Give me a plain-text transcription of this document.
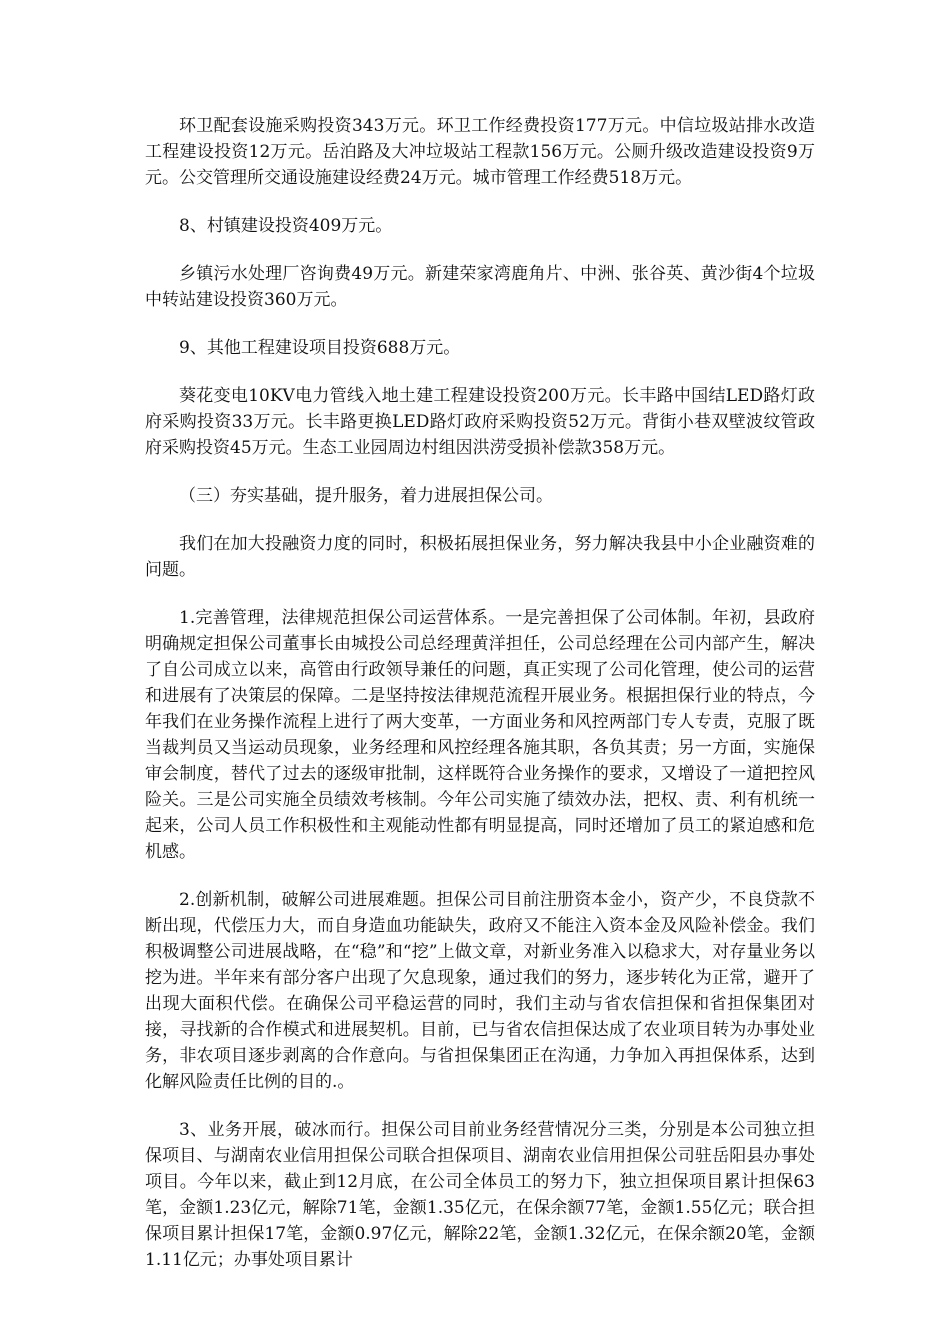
环卫配套设施采购投资343万元。环卫工作经费投资177万元。中信垃圾站排水改造工程建设投资12万元。岳泊路及大冲垃圾站工程款156万元。公厕升级改造建设投资9万元。公交管理所交通设施建设经费24万元。城市管理工作经费518万元。

8、村镇建设投资409万元。

乡镇污水处理厂咨询费49万元。新建荣家湾鹿角片、中洲、张谷英、黄沙街4个垃圾中转站建设投资360万元。

9、其他工程建设项目投资688万元。

葵花变电10KV电力管线入地土建工程建设投资200万元。长丰路中国结LED路灯政府采购投资33万元。长丰路更换LED路灯政府采购投资52万元。背街小巷双壁波纹管政府采购投资45万元。生态工业园周边村组因洪涝受损补偿款358万元。

（三）夯实基础，提升服务，着力进展担保公司。

我们在加大投融资力度的同时，积极拓展担保业务，努力解决我县中小企业融资难的问题。

1.完善管理，法律规范担保公司运营体系。一是完善担保了公司体制。年初，县政府明确规定担保公司董事长由城投公司总经理黄洋担任，公司总经理在公司内部产生，解决了自公司成立以来，高管由行政领导兼任的问题，真正实现了公司化管理，使公司的运营和进展有了决策层的保障。二是坚持按法律规范流程开展业务。根据担保行业的特点，今年我们在业务操作流程上进行了两大变革，一方面业务和风控两部门专人专责，克服了既当裁判员又当运动员现象，业务经理和风控经理各施其职，各负其责；另一方面，实施保审会制度，替代了过去的逐级审批制，这样既符合业务操作的要求，又增设了一道把控风险关。三是公司实施全员绩效考核制。今年公司实施了绩效办法，把权、责、利有机统一起来，公司人员工作积极性和主观能动性都有明显提高，同时还增加了员工的紧迫感和危机感。

2.创新机制，破解公司进展难题。担保公司目前注册资本金小，资产少，不良贷款不断出现，代偿压力大，而自身造血功能缺失，政府又不能注入资本金及风险补偿金。我们积极调整公司进展战略，在“稳”和“挖”上做文章，对新业务准入以稳求大，对存量业务以挖为进。半年来有部分客户出现了欠息现象，通过我们的努力，逐步转化为正常，避开了出现大面积代偿。在确保公司平稳运营的同时，我们主动与省农信担保和省担保集团对接，寻找新的合作模式和进展契机。目前，已与省农信担保达成了农业项目转为办事处业务，非农项目逐步剥离的合作意向。与省担保集团正在沟通，力争加入再担保体系，达到化解风险责任比例的目的.。

3、业务开展，破冰而行。担保公司目前业务经营情况分三类，分别是本公司独立担保项目、与湖南农业信用担保公司联合担保项目、湖南农业信用担保公司驻岳阳县办事处项目。今年以来，截止到12月底，在公司全体员工的努力下，独立担保项目累计担保63笔，金额1.23亿元，解除71笔，金额1.35亿元，在保余额77笔，金额1.55亿元；联合担保项目累计担保17笔，金额0.97亿元，解除22笔，金额1.32亿元，在保余额20笔，金额1.11亿元；办事处项目累计
